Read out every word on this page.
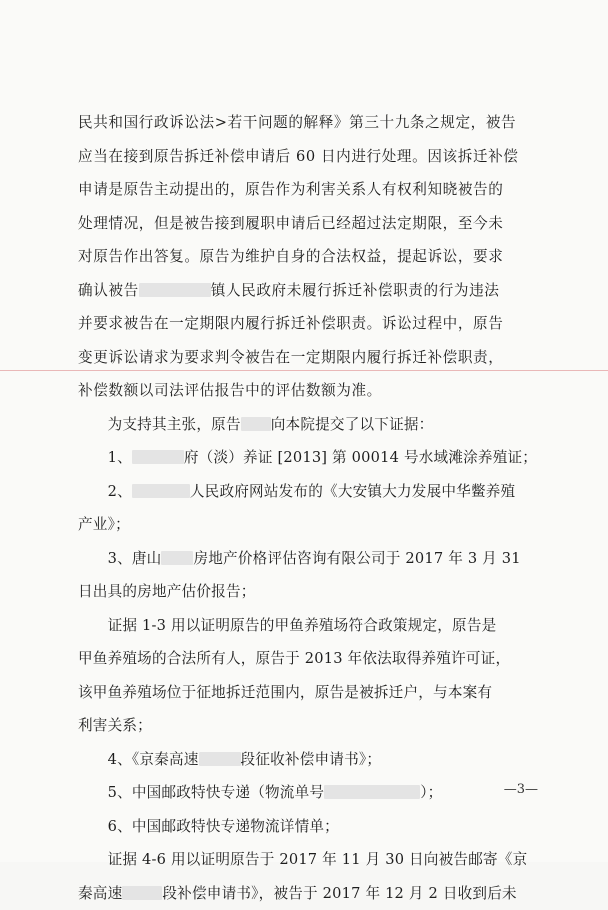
民共和国行政诉讼法>若干问题的解释》第三十九条之规定，被告
应当在接到原告拆迁补偿申请后 60 日内进行处理。因该拆迁补偿
申请是原告主动提出的，原告作为利害关系人有权利知晓被告的
处理情况，但是被告接到履职申请后已经超过法定期限，至今未
对原告作出答复。原告为维护自身的合法权益，提起诉讼，要求
确认被告	镇人民政府未履行拆迁补偿职责的行为违法
并要求被告在一定期限内履行拆迁补偿职责。诉讼过程中，原告
变更诉讼请求为要求判令被告在一定期限内履行拆迁补偿职责，
补偿数额以司法评估报告中的评估数额为准。
　　为支持其主张，原告 向本院提交了以下证据：
　　1、	府（淡）养证 [2013] 第 00014 号水域滩涂养殖证；
　　2、	人民政府网站发布的《大安镇大力发展中华鳖养殖
产业》；
　　3、唐山 房地产价格评估咨询有限公司于 2017 年 3 月 31
日出具的房地产估价报告；
　　证据 1-3 用以证明原告的甲鱼养殖场符合政策规定，原告是
甲鱼养殖场的合法所有人，原告于 2013 年依法取得养殖许可证，
该甲鱼养殖场位于征地拆迁范围内，原告是被拆迁户，与本案有
利害关系；
　　4、《京秦高速	段征收补偿申请书》；
　　5、中国邮政特快专递（物流单号	）；
　　6、中国邮政特快专递物流详情单；
　　证据 4-6 用以证明原告于 2017 年 11 月 30 日向被告邮寄《京
秦高速	段补偿申请书》，被告于 2017 年 12 月 2 日收到后未
—3—
